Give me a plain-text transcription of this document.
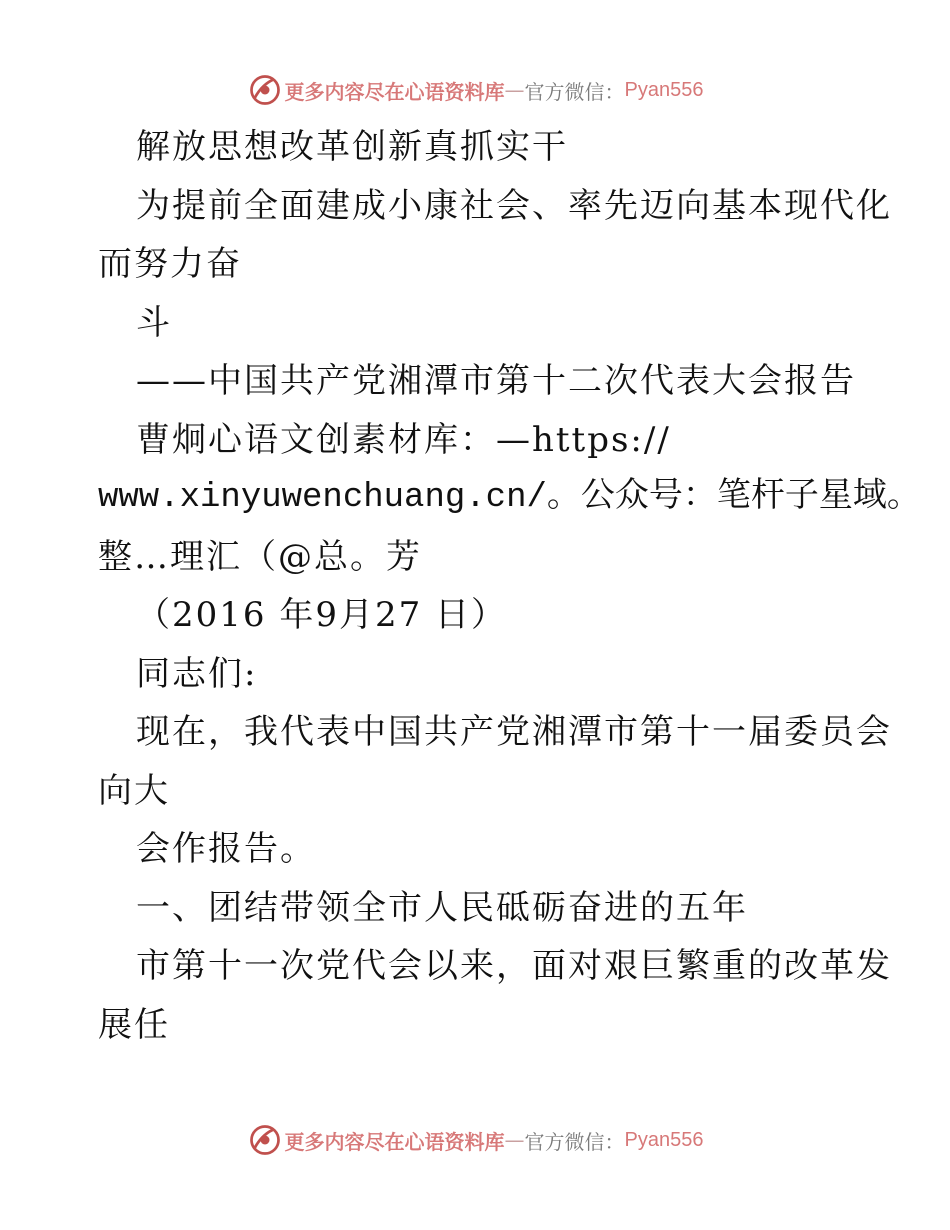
更多内容尽在心语资料库 — 官方微信： Pyan556
解放思想改革创新真抓实干
为提前全面建成小康社会、率先迈向基本现代化
而努力奋
斗
——中国共产党湘潭市第十二次代表大会报告
曹炯心语文创素材库：—https://
www.xinyuwenchuang.cn/。公众号：笔杆子星域。
整…理汇（@总。芳
（2016 年9月27 日）
同志们:
现在，我代表中国共产党湘潭市第十一届委员会
向大
会作报告。
一、团结带领全市人民砥砺奋进的五年
市第十一次党代会以来，面对艰巨繁重的改革发
展任
更多内容尽在心语资料库 — 官方微信： Pyan556
